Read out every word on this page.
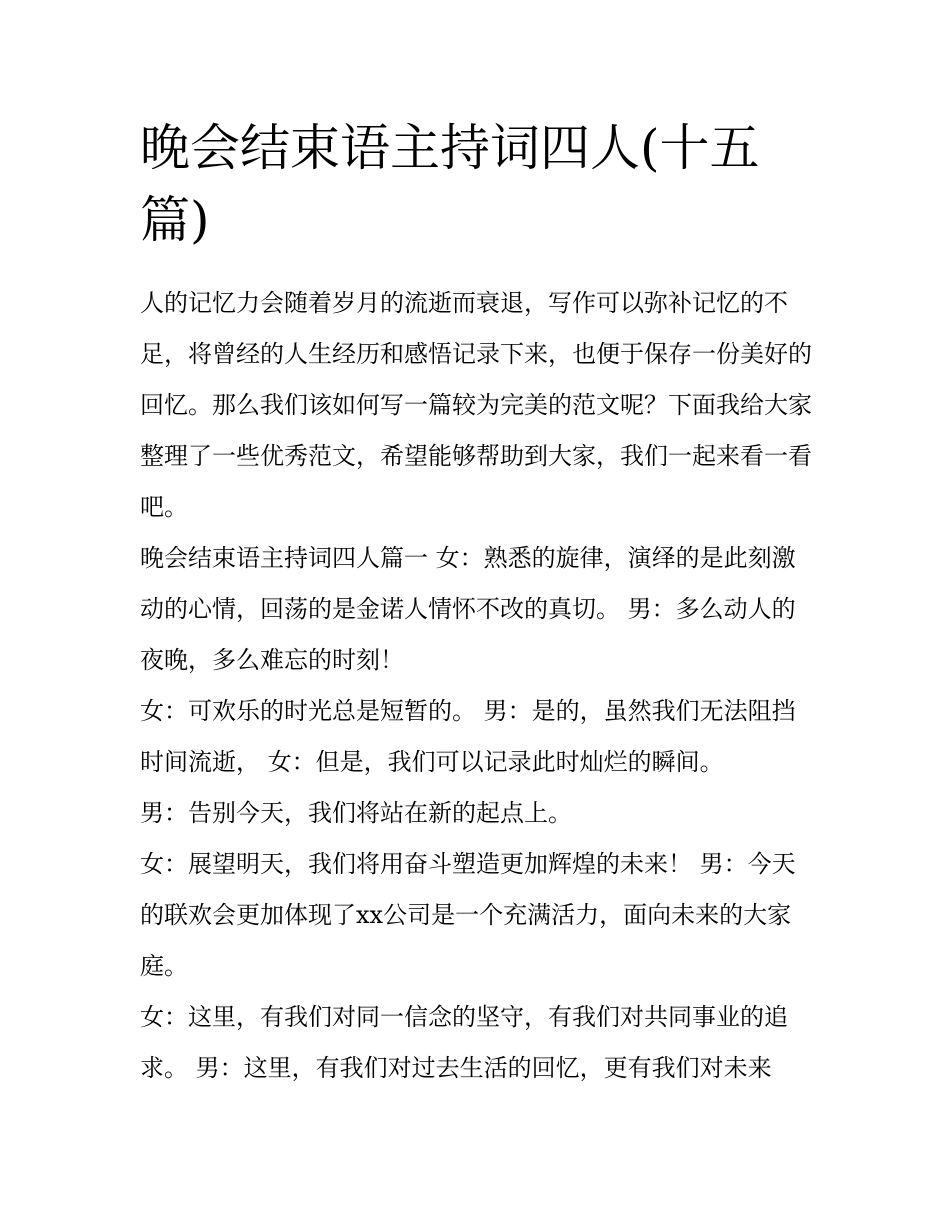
晚会结束语主持词四人(十五篇)

人的记忆力会随着岁月的流逝而衰退，写作可以弥补记忆的不足，将曾经的人生经历和感悟记录下来，也便于保存一份美好的回忆。那么我们该如何写一篇较为完美的范文呢？下面我给大家整理了一些优秀范文，希望能够帮助到大家，我们一起来看一看吧。

晚会结束语主持词四人篇一 女：熟悉的旋律，演绎的是此刻激动的心情，回荡的是金诺人情怀不改的真切。 男：多么动人的夜晚，多么难忘的时刻！

女：可欢乐的时光总是短暂的。 男：是的，虽然我们无法阻挡时间流逝， 女：但是，我们可以记录此时灿烂的瞬间。

男：告别今天，我们将站在新的起点上。

女：展望明天，我们将用奋斗塑造更加辉煌的未来！ 男：今天的联欢会更加体现了xx公司是一个充满活力，面向未来的大家庭。

女：这里，有我们对同一信念的坚守，有我们对共同事业的追求。 男：这里，有我们对过去生活的回忆，更有我们对未来
